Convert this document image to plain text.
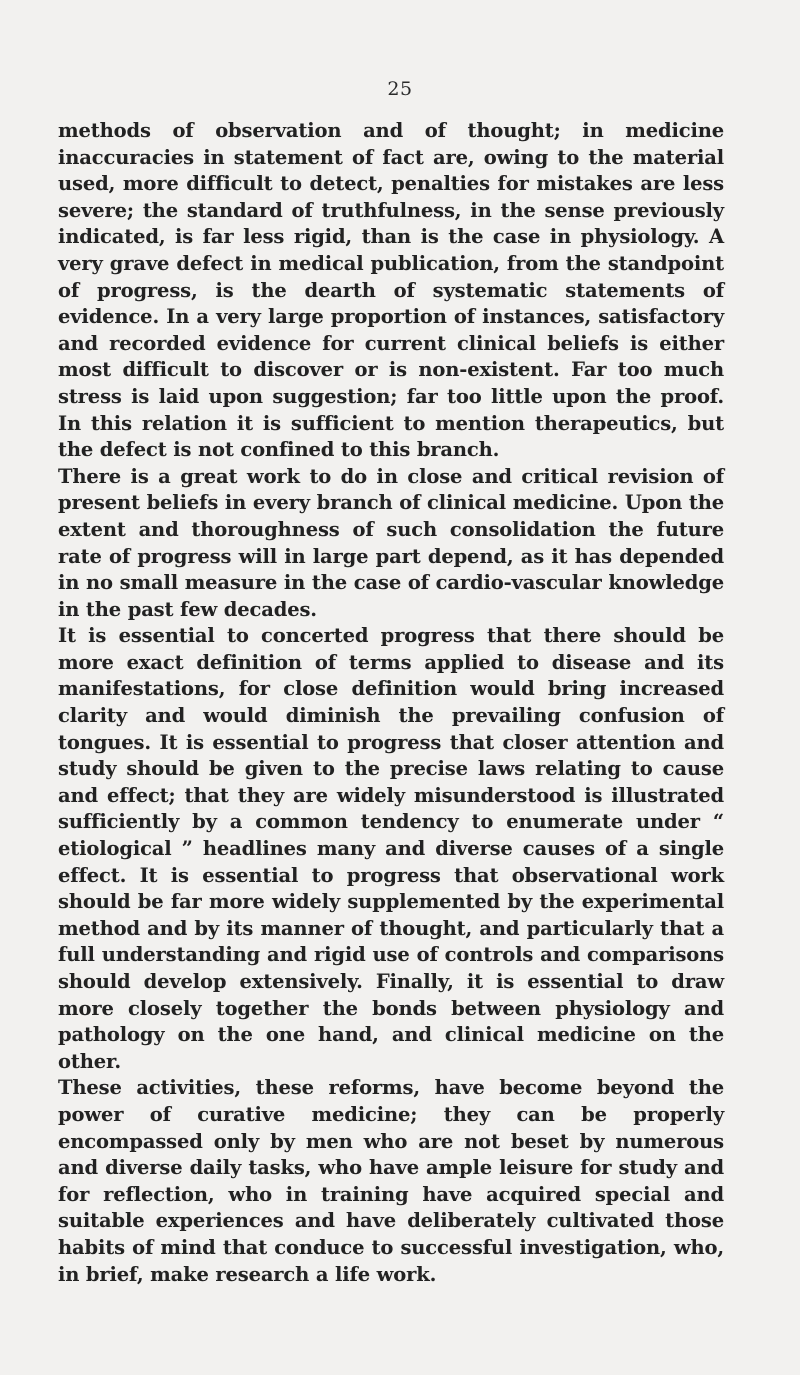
25

methods of observation and of thought; in medicine inaccuracies in statement of fact are, owing to the material used, more difficult to detect, penalties for mistakes are less severe; the standard of truthfulness, in the sense previously indicated, is far less rigid, than is the case in physiology. A very grave defect in medical publication, from the standpoint of progress, is the dearth of systematic statements of evidence. In a very large proportion of instances, satisfactory and recorded evidence for current clinical beliefs is either most difficult to discover or is non-existent. Far too much stress is laid upon suggestion; far too little upon the proof. In this relation it is sufficient to mention therapeutics, but the defect is not confined to this branch.

There is a great work to do in close and critical revision of present beliefs in every branch of clinical medicine. Upon the extent and thoroughness of such consolidation the future rate of progress will in large part depend, as it has depended in no small measure in the case of cardio-vascular knowledge in the past few decades.

It is essential to concerted progress that there should be more exact definition of terms applied to disease and its manifestations, for close definition would bring increased clarity and would diminish the prevailing confusion of tongues. It is essential to progress that closer attention and study should be given to the precise laws relating to cause and effect; that they are widely misunderstood is illustrated sufficiently by a common tendency to enumerate under “ etiological ” headlines many and diverse causes of a single effect. It is essential to progress that observational work should be far more widely supplemented by the experimental method and by its manner of thought, and particularly that a full understanding and rigid use of controls and comparisons should develop extensively. Finally, it is essential to draw more closely together the bonds between physiology and pathology on the one hand, and clinical medicine on the other.

These activities, these reforms, have become beyond the power of curative medicine; they can be properly encompassed only by men who are not beset by numerous and diverse daily tasks, who have ample leisure for study and for reflection, who in training have acquired special and suitable experiences and have deliberately cultivated those habits of mind that conduce to successful investigation, who, in brief, make research a life work.
